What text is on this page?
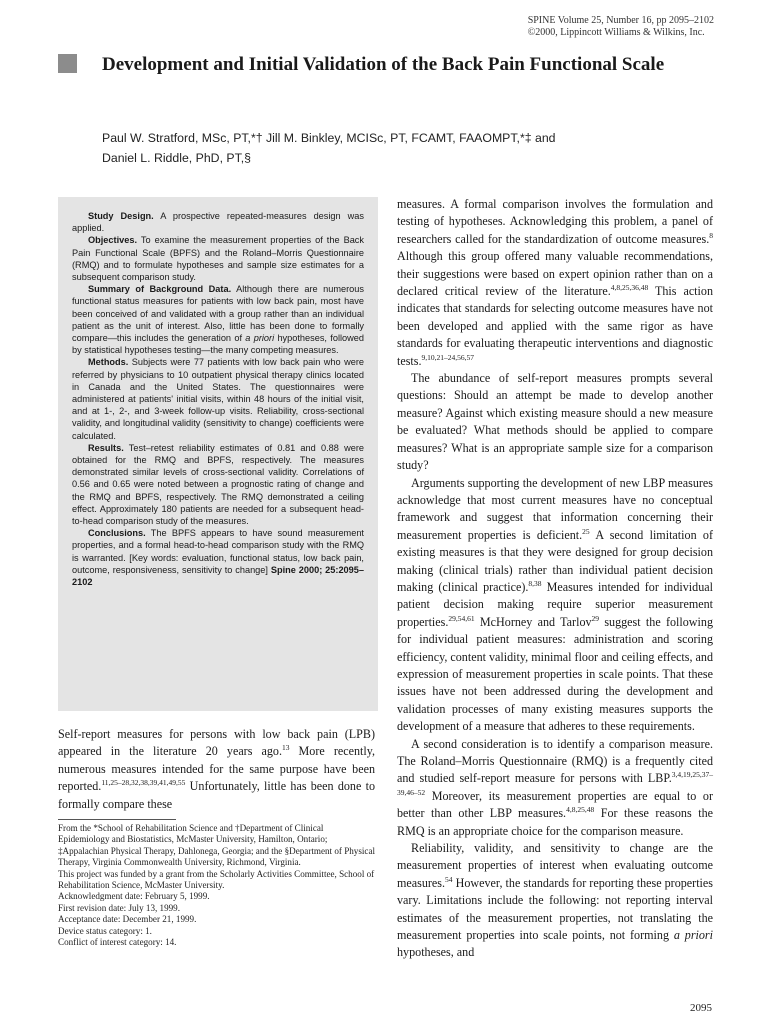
SPINE Volume 25, Number 16, pp 2095–2102
©2000, Lippincott Williams & Wilkins, Inc.
Development and Initial Validation of the Back Pain Functional Scale
Paul W. Stratford, MSc, PT,*† Jill M. Binkley, MCISc, PT, FCAMT, FAAOMPT,*‡ and
Daniel L. Riddle, PhD, PT,§

Study Design. A prospective repeated-measures design was applied.

Objectives. To examine the measurement properties of the Back Pain Functional Scale (BPFS) and the Roland–Morris Questionnaire (RMQ) and to formulate hypotheses and sample size estimates for a subsequent comparison study.

Summary of Background Data. Although there are numerous functional status measures for patients with low back pain, most have been conceived of and validated with a group rather than an individual patient as the unit of interest. Also, little has been done to formally compare—this includes the generation of a priori hypotheses, followed by statistical hypotheses testing—the many competing measures.

Methods. Subjects were 77 patients with low back pain who were referred by physicians to 10 outpatient physical therapy clinics located in Canada and the United States. The questionnaires were administered at patients' initial visits, within 48 hours of the initial visit, and at 1-, 2-, and 3-week follow-up visits. Reliability, cross-sectional validity, and longitudinal validity (sensitivity to change) coefficients were calculated.

Results. Test–retest reliability estimates of 0.81 and 0.88 were obtained for the RMQ and BPFS, respectively. The measures demonstrated similar levels of cross-sectional validity. Correlations of 0.56 and 0.65 were noted between a prognostic rating of change and the RMQ and BPFS, respectively. The RMQ demonstrated a ceiling effect. Approximately 180 patients are needed for a subsequent head-to-head comparison study of the measures.

Conclusions. The BPFS appears to have sound measurement properties, and a formal head-to-head comparison study with the RMQ is warranted. [Key words: evaluation, functional status, low back pain, outcome, responsiveness, sensitivity to change] Spine 2000; 25:2095–2102

Self-report measures for persons with low back pain (LPB) appeared in the literature 20 years ago.$^{13}$ More recently, numerous measures intended for the same purpose have been reported.$^{11,25-28,32,38,39,41,49,55}$ Unfortunately, little has been done to formally compare these

From the *School of Rehabilitation Science and †Department of Clinical Epidemiology and Biostatistics, McMaster University, Hamilton, Ontario; ‡Appalachian Physical Therapy, Dahlonega, Georgia; and the §Department of Physical Therapy, Virginia Commonwealth University, Richmond, Virginia.
This project was funded by a grant from the Scholarly Activities Committee, School of Rehabilitation Science, McMaster University.
Acknowledgment date: February 5, 1999.
First revision date: July 13, 1999.
Acceptance date: December 21, 1999.
Device status category: 1.
Conflict of interest category: 14.

measures. A formal comparison involves the formulation and testing of hypotheses. Acknowledging this problem, a panel of researchers called for the standardization of outcome measures.$^8$ Although this group offered many valuable recommendations, their suggestions were based on expert opinion rather than on a declared critical review of the literature.$^{4,8,25,36,48}$ This action indicates that standards for selecting outcome measures have not been developed and applied with the same rigor as have standards for evaluating therapeutic interventions and diagnostic tests.$^{9,10,21-24,56,57}$

The abundance of self-report measures prompts several questions: Should an attempt be made to develop another measure? Against which existing measure should a new measure be evaluated? What methods should be applied to compare measures? What is an appropriate sample size for a comparison study?

Arguments supporting the development of new LBP measures acknowledge that most current measures have no conceptual framework and suggest that information concerning their measurement properties is deficient.$^{25}$ A second limitation of existing measures is that they were designed for group decision making (clinical trials) rather than individual patient decision making (clinical practice).$^{8,38}$ Measures intended for individual patient decision making require superior measurement properties.$^{29,54,61}$ McHorney and Tarlov$^{29}$ suggest the following for individual patient measures: administration and scoring efficiency, content validity, minimal floor and ceiling effects, and expression of measurement properties in scale points. That these issues have not been addressed during the development and validation processes of many existing measures supports the development of a measure that adheres to these requirements.

A second consideration is to identify a comparison measure. The Roland–Morris Questionnaire (RMQ) is a frequently cited and studied self-report measure for persons with LBP.$^{3,4,19,25,37-39,46-52}$ Moreover, its measurement properties are equal to or better than other LBP measures.$^{4,8,25,48}$ For these reasons the RMQ is an appropriate choice for the comparison measure.

Reliability, validity, and sensitivity to change are the measurement properties of interest when evaluating outcome measures.$^{54}$ However, the standards for reporting these properties vary. Limitations include the following: not reporting interval estimates of the measurement properties, not translating the measurement properties into scale points, not forming a priori hypotheses, and

2095
